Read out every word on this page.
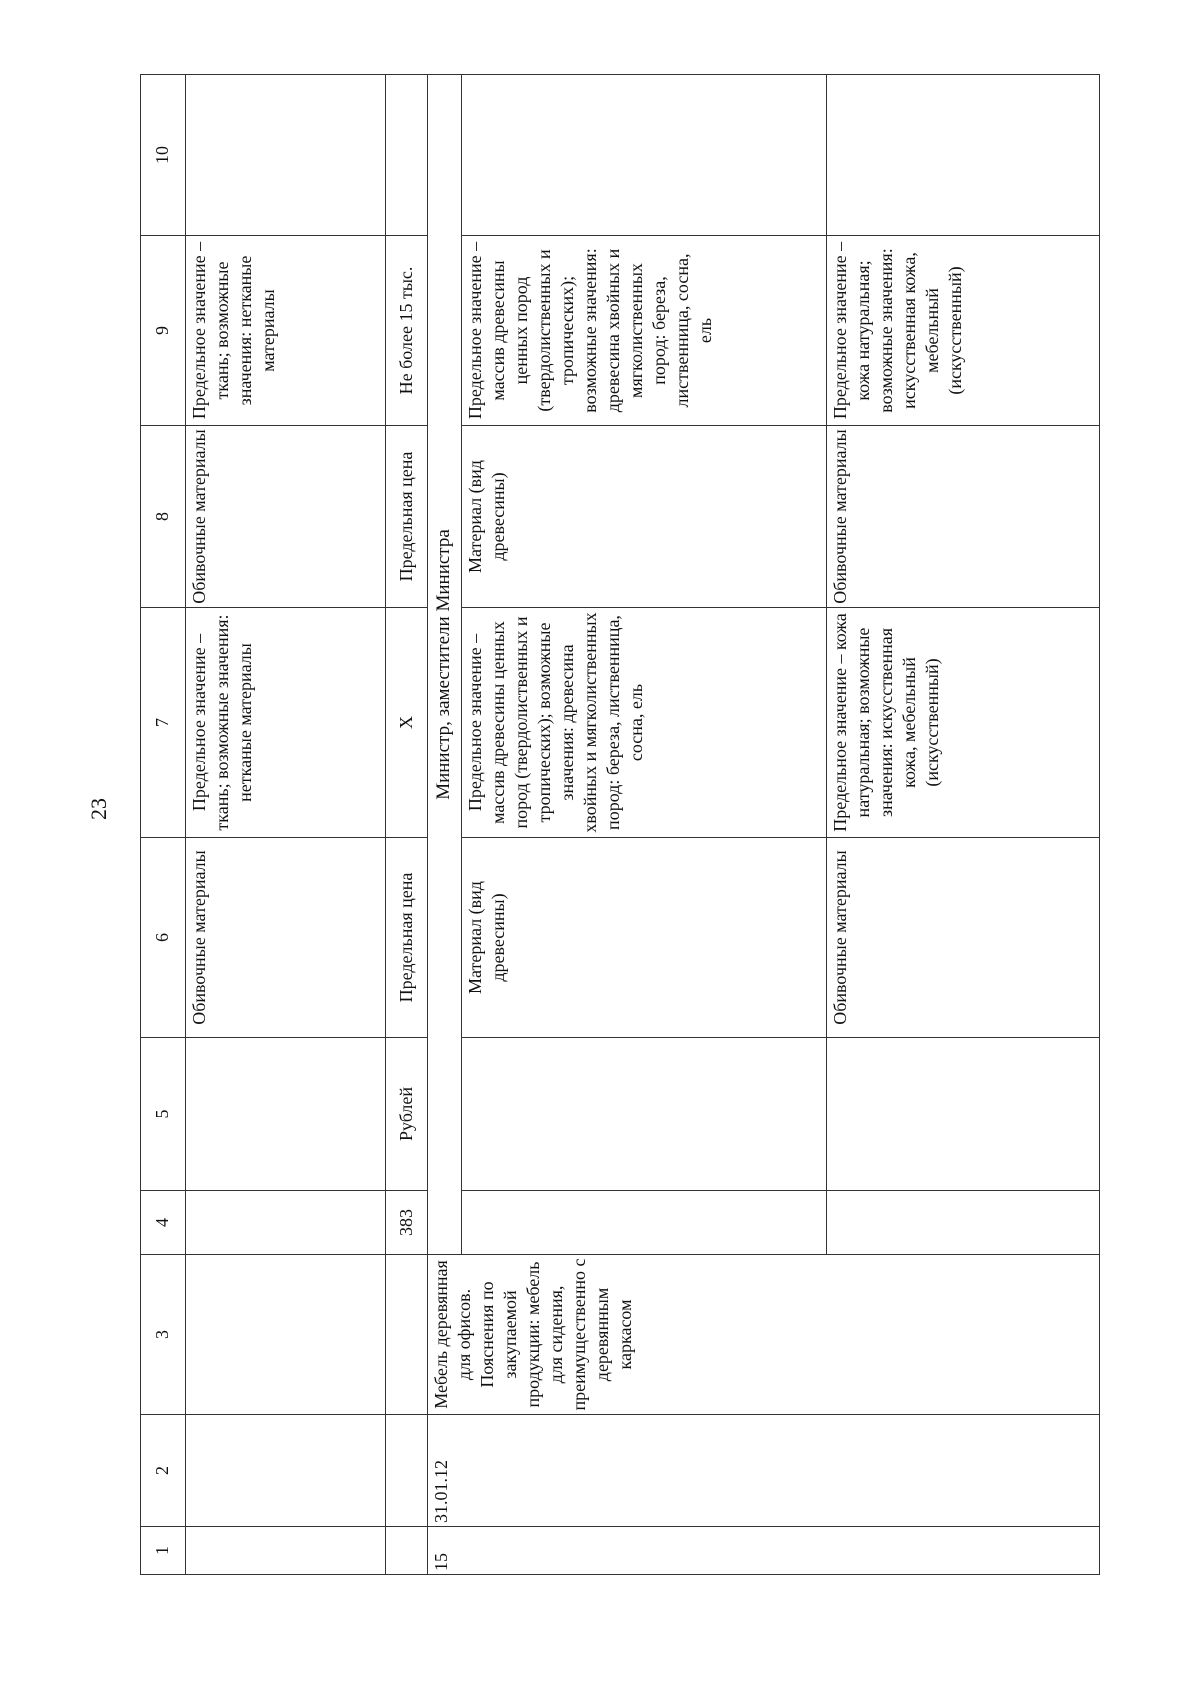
23
1	2	3	4	5	6	7	8	9	10
					Обивочные материалы	Предельное значение – ткань; возможные значения: нетканые материалы	Обивочные материалы	Предельное значение – ткань; возможные значения: нетканые материалы	
			383	Рублей	Предельная цена	X	Предельная цена	Не более 15 тыс.	
15	31.01.12	Мебель деревянная для офисов. Пояснения по закупаемой продукции: мебель для сидения, преимущественно с деревянным каркасом	Министр, заместители Министра						
					Материал (вид древесины)	Предельное значение – массив древесины ценных пород (твердолиственных и тропических); возможные значения: древесина хвойных и мягколиственных пород: береза, лиственница, сосна, ель	Материал (вид древесины)	Предельное значение – массив древесины ценных пород (твердолиственных и тропических); возможные значения: древесина хвойных и мягколиственных пород: береза, лиственница, сосна, ель	
					Обивочные материалы	Предельное значение – кожа натуральная; возможные значения: искусственная кожа, мебельный (искусственный)	Обивочные материалы	Предельное значение – кожа натуральная; возможные значения: искусственная кожа, мебельный (искусственный)	
